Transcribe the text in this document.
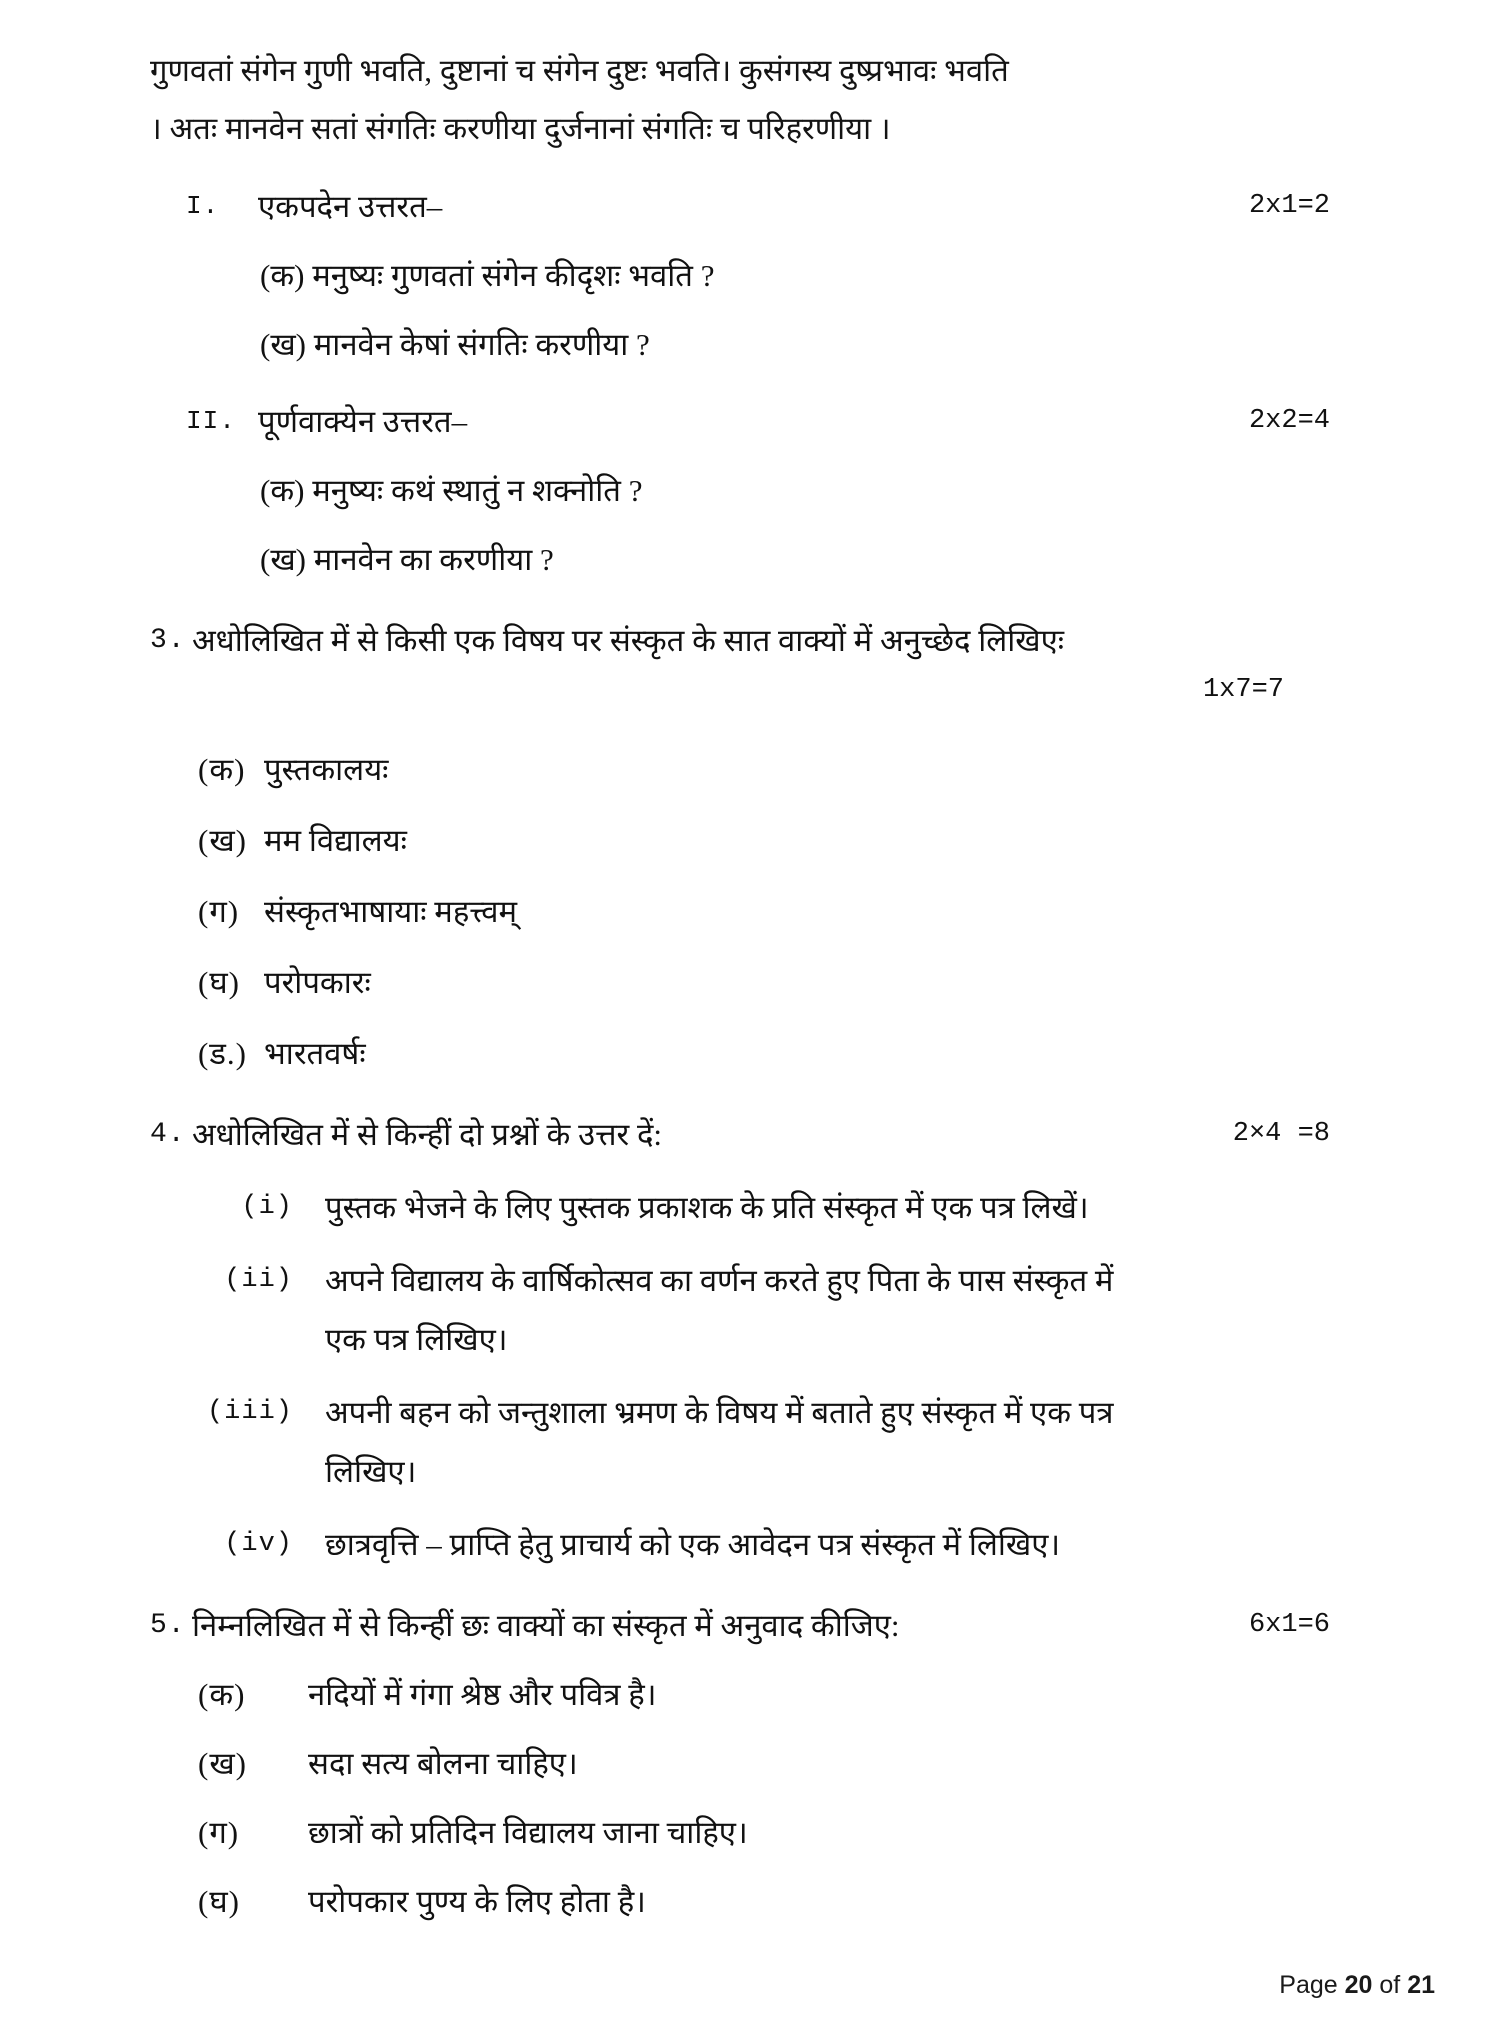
गुणवतां संगेन गुणी भवति, दुष्टानां च संगेन दुष्टः भवति। कुसंगस्य दुष्प्रभावः भवति
। अतः मानवेन सतां संगतिः करणीया दुर्जनानां संगतिः च परिहरणीया ।
I.	एकपदेन उत्तरत–	2x1=2
(क) मनुष्यः गुणवतां संगेन कीदृशः भवति ?
(ख) मानवेन केषां संगतिः करणीया ?
II. पूर्णवाक्येन उत्तरत–	2x2=4
(क) मनुष्यः कथं स्थातुं न शक्नोति ?
(ख) मानवेन का करणीया ?
3. अधोलिखित में से किसी एक विषय पर संस्कृत के सात वाक्यों में अनुच्छेद लिखिएः
1x7=7
(क) पुस्तकालयः
(ख) मम विद्यालयः
(ग) संस्कृतभाषायाः महत्त्वम्
(घ) परोपकारः
(ड.) भारतवर्षः
4. अधोलिखित में से किन्हीं दो प्रश्नों के उत्तर दें:	2×4 =8
(i)	पुस्तक भेजने के लिए पुस्तक प्रकाशक के प्रति संस्कृत में एक पत्र लिखें।
(ii)	अपने विद्यालय के वार्षिकोत्सव का वर्णन करते हुए पिता के पास संस्कृत में
एक पत्र लिखिए।
(iii)	अपनी बहन को जन्तुशाला भ्रमण के विषय में बताते हुए संस्कृत में एक पत्र
लिखिए।
(iv)	छात्रवृत्ति – प्राप्ति हेतु प्राचार्य को एक आवेदन पत्र संस्कृत में लिखिए।
5. निम्नलिखित में से किन्हीं छः वाक्यों का संस्कृत में अनुवाद कीजिए:	6x1=6
(क)	नदियों में गंगा श्रेष्ठ और पवित्र है।
(ख)	सदा सत्य बोलना चाहिए।
(ग)	छात्रों को प्रतिदिन विद्यालय जाना चाहिए।
(घ)	परोपकार पुण्य के लिए होता है।
Page 20 of 21
